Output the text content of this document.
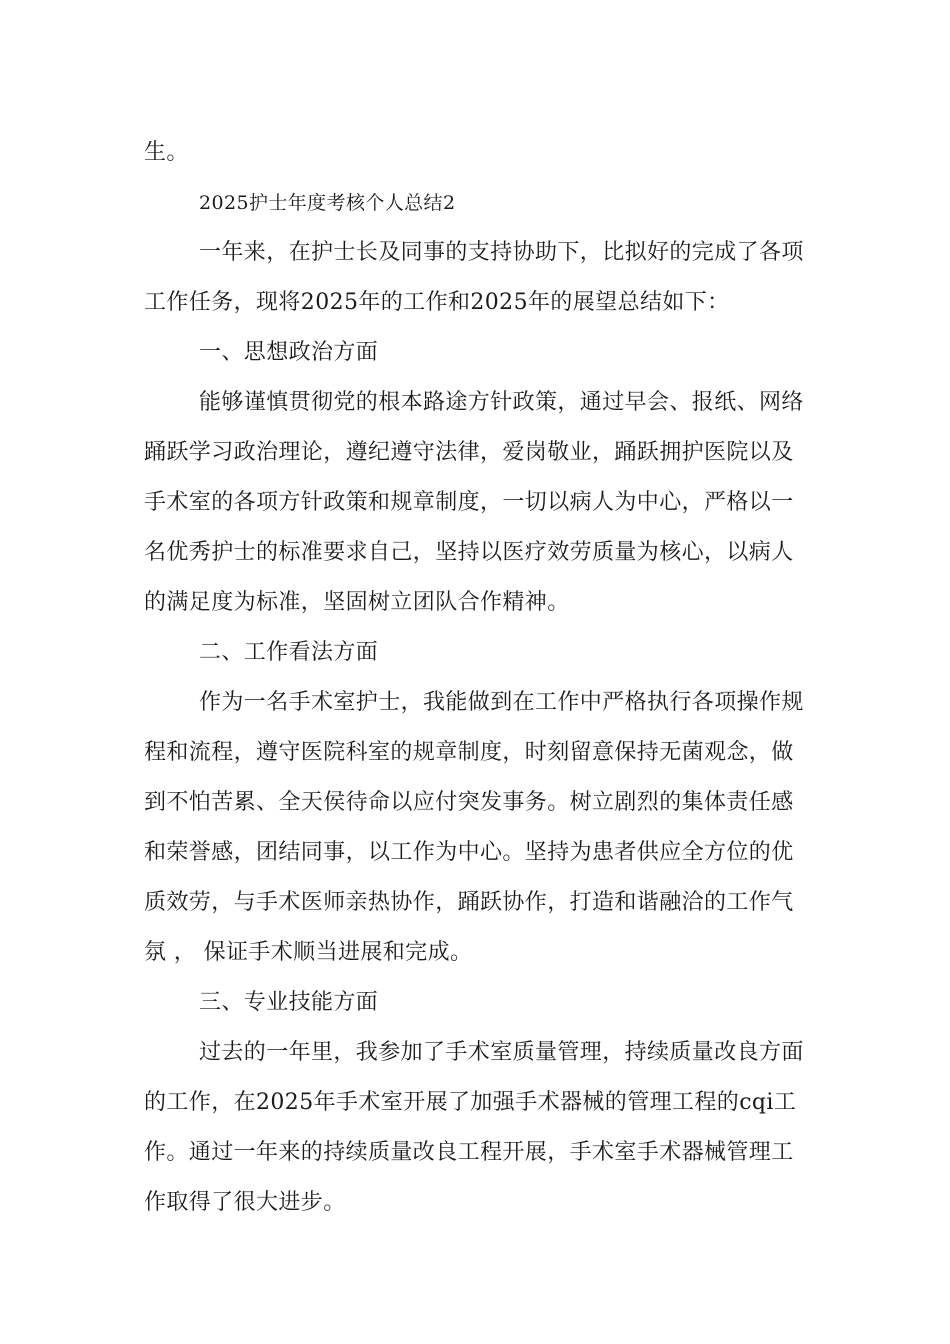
生。
2025护士年度考核个人总结2
一年来，在护士长及同事的支持协助下，比拟好的完成了各项
工作任务，现将2025年的工作和2025年的展望总结如下：
一、思想政治方面
能够谨慎贯彻党的根本路途方针政策，通过早会、报纸、网络
踊跃学习政治理论，遵纪遵守法律，爱岗敬业，踊跃拥护医院以及
手术室的各项方针政策和规章制度，一切以病人为中心，严格以一
名优秀护士的标准要求自己，坚持以医疗效劳质量为核心，以病人
的满足度为标准，坚固树立团队合作精神。
二、工作看法方面
作为一名手术室护士，我能做到在工作中严格执行各项操作规
程和流程，遵守医院科室的规章制度，时刻留意保持无菌观念，做
到不怕苦累、全天侯待命以应付突发事务。树立剧烈的集体责任感
和荣誉感，团结同事，以工作为中心。坚持为患者供应全方位的优
质效劳，与手术医师亲热协作，踊跃协作，打造和谐融洽的工作气
氛 ， 保证手术顺当进展和完成。
三、专业技能方面
过去的一年里，我参加了手术室质量管理，持续质量改良方面
的工作，在2025年手术室开展了加强手术器械的管理工程的cqi工
作。通过一年来的持续质量改良工程开展，手术室手术器械管理工
作取得了很大进步。
